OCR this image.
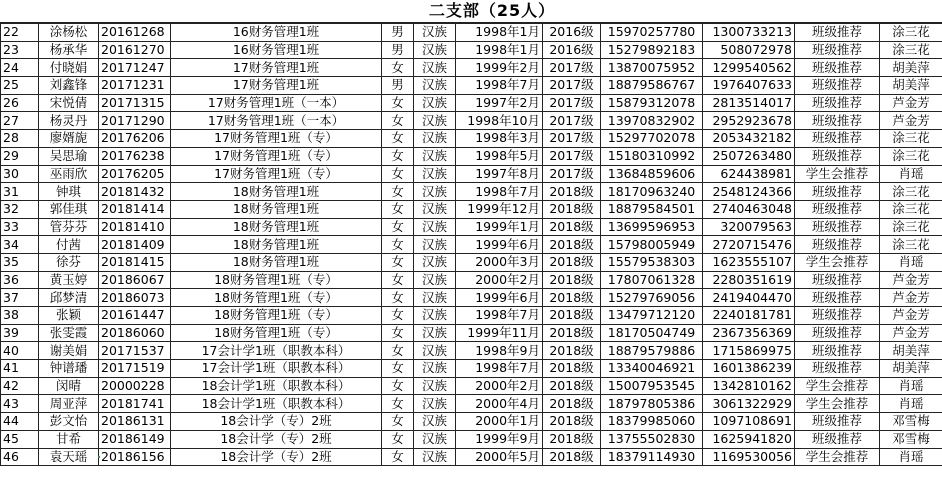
二支部（25人）
22	涂杨松	20161268	16财务管理1班	男	汉族	1998年1月	2016级	15970257780	1300733213	班级推荐	涂三花
23	杨承华	20161270	16财务管理1班	男	汉族	1998年1月	2016级	15279892183	508072978	班级推荐	涂三花
24	付晓娟	20171247	17财务管理1班	女	汉族	1999年2月	2017级	13870075952	1299540562	班级推荐	胡美萍
25	刘鑫锋	20171231	17财务管理1班	男	汉族	1998年7月	2017级	18879586767	1976407633	班级推荐	胡美萍
26	宋悦倩	20171315	17财务管理1班（一本）	女	汉族	1997年2月	2017级	15879312078	2813514017	班级推荐	芦金芳
27	杨灵丹	20171290	17财务管理1班（一本）	女	汉族	1998年10月	2017级	13970832902	2952923678	班级推荐	芦金芳
28	廖婿旎	20176206	17财务管理1班（专）	女	汉族	1998年3月	2017级	15297702078	2053432182	班级推荐	涂三花
29	吴思瑜	20176238	17财务管理1班（专）	女	汉族	1998年5月	2017级	15180310992	2507263480	班级推荐	涂三花
30	巫雨欣	20176205	17财务管理1班（专）	女	汉族	1997年8月	2017级	13684859606	624438981	学生会推荐	肖瑶
31	钟琪	20181432	18财务管理1班	女	汉族	1998年7月	2018级	18170963240	2548124366	班级推荐	涂三花
32	郭佳琪	20181414	18财务管理1班	女	汉族	1999年12月	2018级	18879584501	2740463048	班级推荐	涂三花
33	管芬芬	20181410	18财务管理1班	女	汉族	1999年1月	2018级	13699596953	320079563	班级推荐	涂三花
34	付茜	20181409	18财务管理1班	女	汉族	1999年6月	2018级	15798005949	2720715476	班级推荐	涂三花
35	徐芬	20181415	18财务管理1班	女	汉族	2000年3月	2018级	15579538303	1623555107	学生会推荐	肖瑶
36	黄玉婷	20186067	18财务管理1班（专）	女	汉族	2000年2月	2018级	17807061328	2280351619	班级推荐	芦金芳
37	邱梦清	20186073	18财务管理1班（专）	女	汉族	1999年6月	2018级	15279769056	2419404470	班级推荐	芦金芳
38	张颖	20161447	18财务管理1班（专）	女	汉族	1998年7月	2018级	13479712120	2240181781	班级推荐	芦金芳
39	张雯霞	20186060	18财务管理1班（专）	女	汉族	1999年11月	2018级	18170504749	2367356369	班级推荐	芦金芳
40	谢美娟	20171537	17会计学1班（职教本科）	女	汉族	1998年9月	2018级	18879579886	1715869975	班级推荐	胡美萍
41	钟谱璠	20171519	17会计学1班（职教本科）	女	汉族	1998年7月	2018级	13340046921	1601386239	班级推荐	胡美萍
42	闵晴	20000228	18会计学1班（职教本科）	女	汉族	2000年2月	2018级	15007953545	1342810162	学生会推荐	肖瑶
43	周亚萍	20181741	18会计学1班（职教本科）	女	汉族	2000年4月	2018级	18797805386	3061322929	学生会推荐	肖瑶
44	彭文怡	20186131	18会计学（专）2班	女	汉族	2000年1月	2018级	18379985060	1097108691	班级推荐	邓雪梅
45	甘希	20186149	18会计学（专）2班	女	汉族	1999年9月	2018级	13755502830	1625941820	班级推荐	邓雪梅
46	袁天瑶	20186156	18会计学（专）2班	女	汉族	2000年5月	2018级	18379114930	1169530056	学生会推荐	肖瑶
